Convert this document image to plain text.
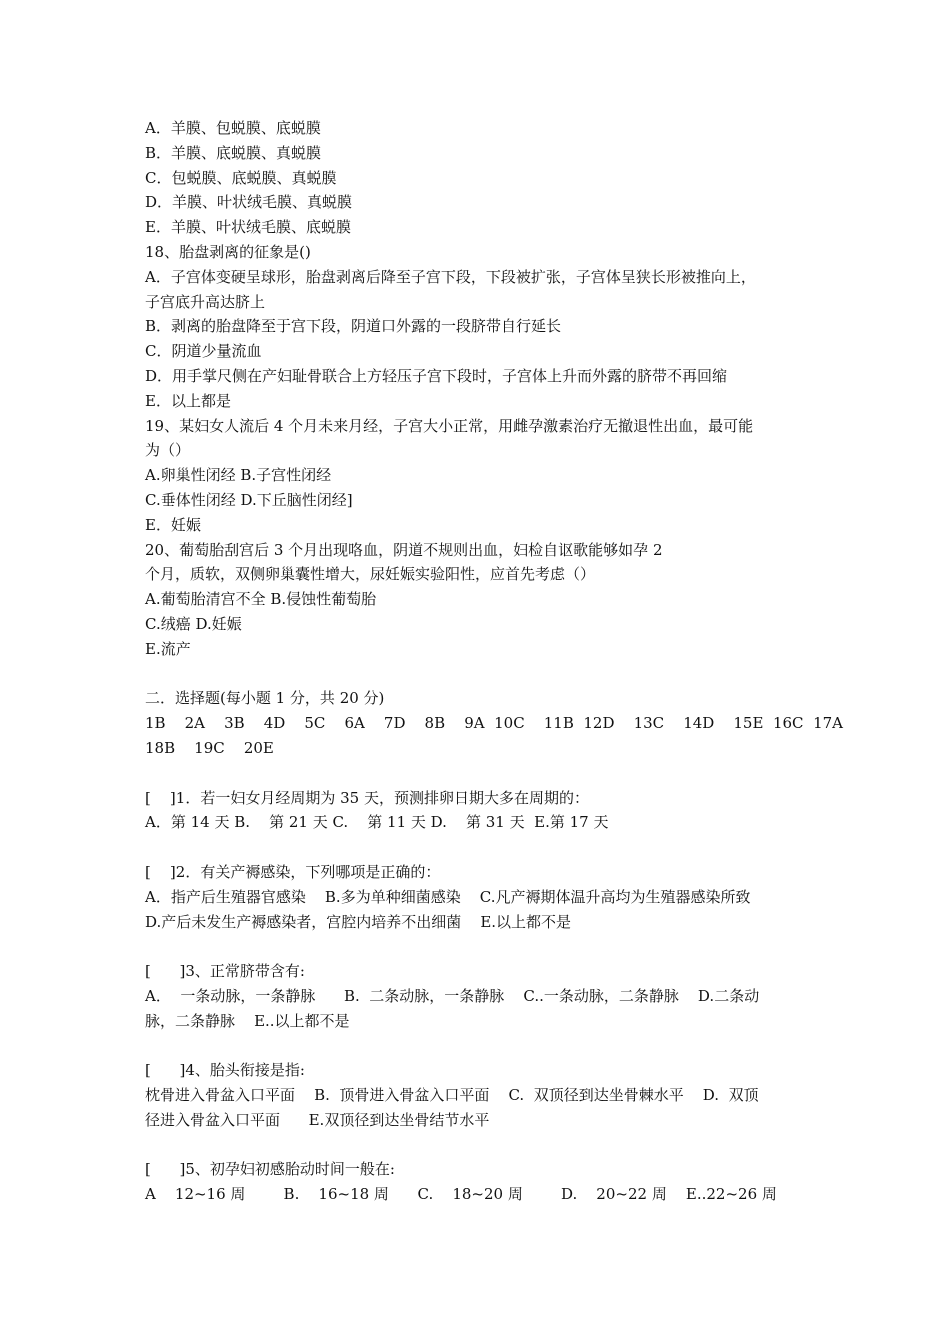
A．羊膜、包蜕膜、底蜕膜
B．羊膜、底蜕膜、真蜕膜
C．包蜕膜、底蜕膜、真蜕膜
D．羊膜、叶状绒毛膜、真蜕膜
E．羊膜、叶状绒毛膜、底蜕膜
18、胎盘剥离的征象是()
A．子宫体变硬呈球形，胎盘剥离后降至子宫下段，下段被扩张，子宫体呈狭长形被推向上，
子宫底升高达脐上
B．剥离的胎盘降至于宫下段，阴道口外露的一段脐带自行延长
C．阴道少量流血
D．用手掌尺侧在产妇耻骨联合上方轻压子宫下段时，子宫体上升而外露的脐带不再回缩
E．以上都是
19、某妇女人流后 4 个月未来月经，子宫大小正常，用雌孕激素治疗无撤退性出血，最可能
为（）
A.卵巢性闭经 B.子宫性闭经
C.垂体性闭经 D.下丘脑性闭经]
E．妊娠
20、葡萄胎刮宫后 3 个月出现咯血，阴道不规则出血，妇检自讴歌能够如孕 2
个月，质软，双侧卵巢囊性增大，尿妊娠实验阳性，应首先考虑（）
A.葡萄胎清宫不全 B.侵蚀性葡萄胎
C.绒癌 D.妊娠
E.流产
二．选择题(每小题 1 分，共 20 分)
1B    2A    3B    4D    5C    6A    7D    8B    9A  10C    11B  12D    13C    14D    15E  16C  17A
18B    19C    20E
[    ]1．若一妇女月经周期为 35 天，预测排卵日期大多在周期的：
A．第 14 天 B.    第 21 天 C.    第 11 天 D.    第 31 天  E.第 17 天
[    ]2．有关产褥感染，下列哪项是正确的：
A．指产后生殖器官感染    B.多为单种细菌感染    C.凡产褥期体温升高均为生殖器感染所致
D.产后未发生产褥感染者，宫腔内培养不出细菌    E.以上都不是
[      ]3、正常脐带含有:
A．  一条动脉，一条静脉      B.  二条动脉，一条静脉    C..一条动脉，二条静脉    D.二条动
脉，二条静脉    E..以上都不是
[      ]4、胎头衔接是指:
枕骨进入骨盆入口平面    B.  顶骨进入骨盆入口平面    C.  双顶径到达坐骨棘水平    D.  双顶
径进入骨盆入口平面      E.双顶径到达坐骨结节水平
[      ]5、初孕妇初感胎动时间一般在:
A    12~16 周        B.    16~18 周      C.    18~20 周        D.    20~22 周    E..22~26 周
